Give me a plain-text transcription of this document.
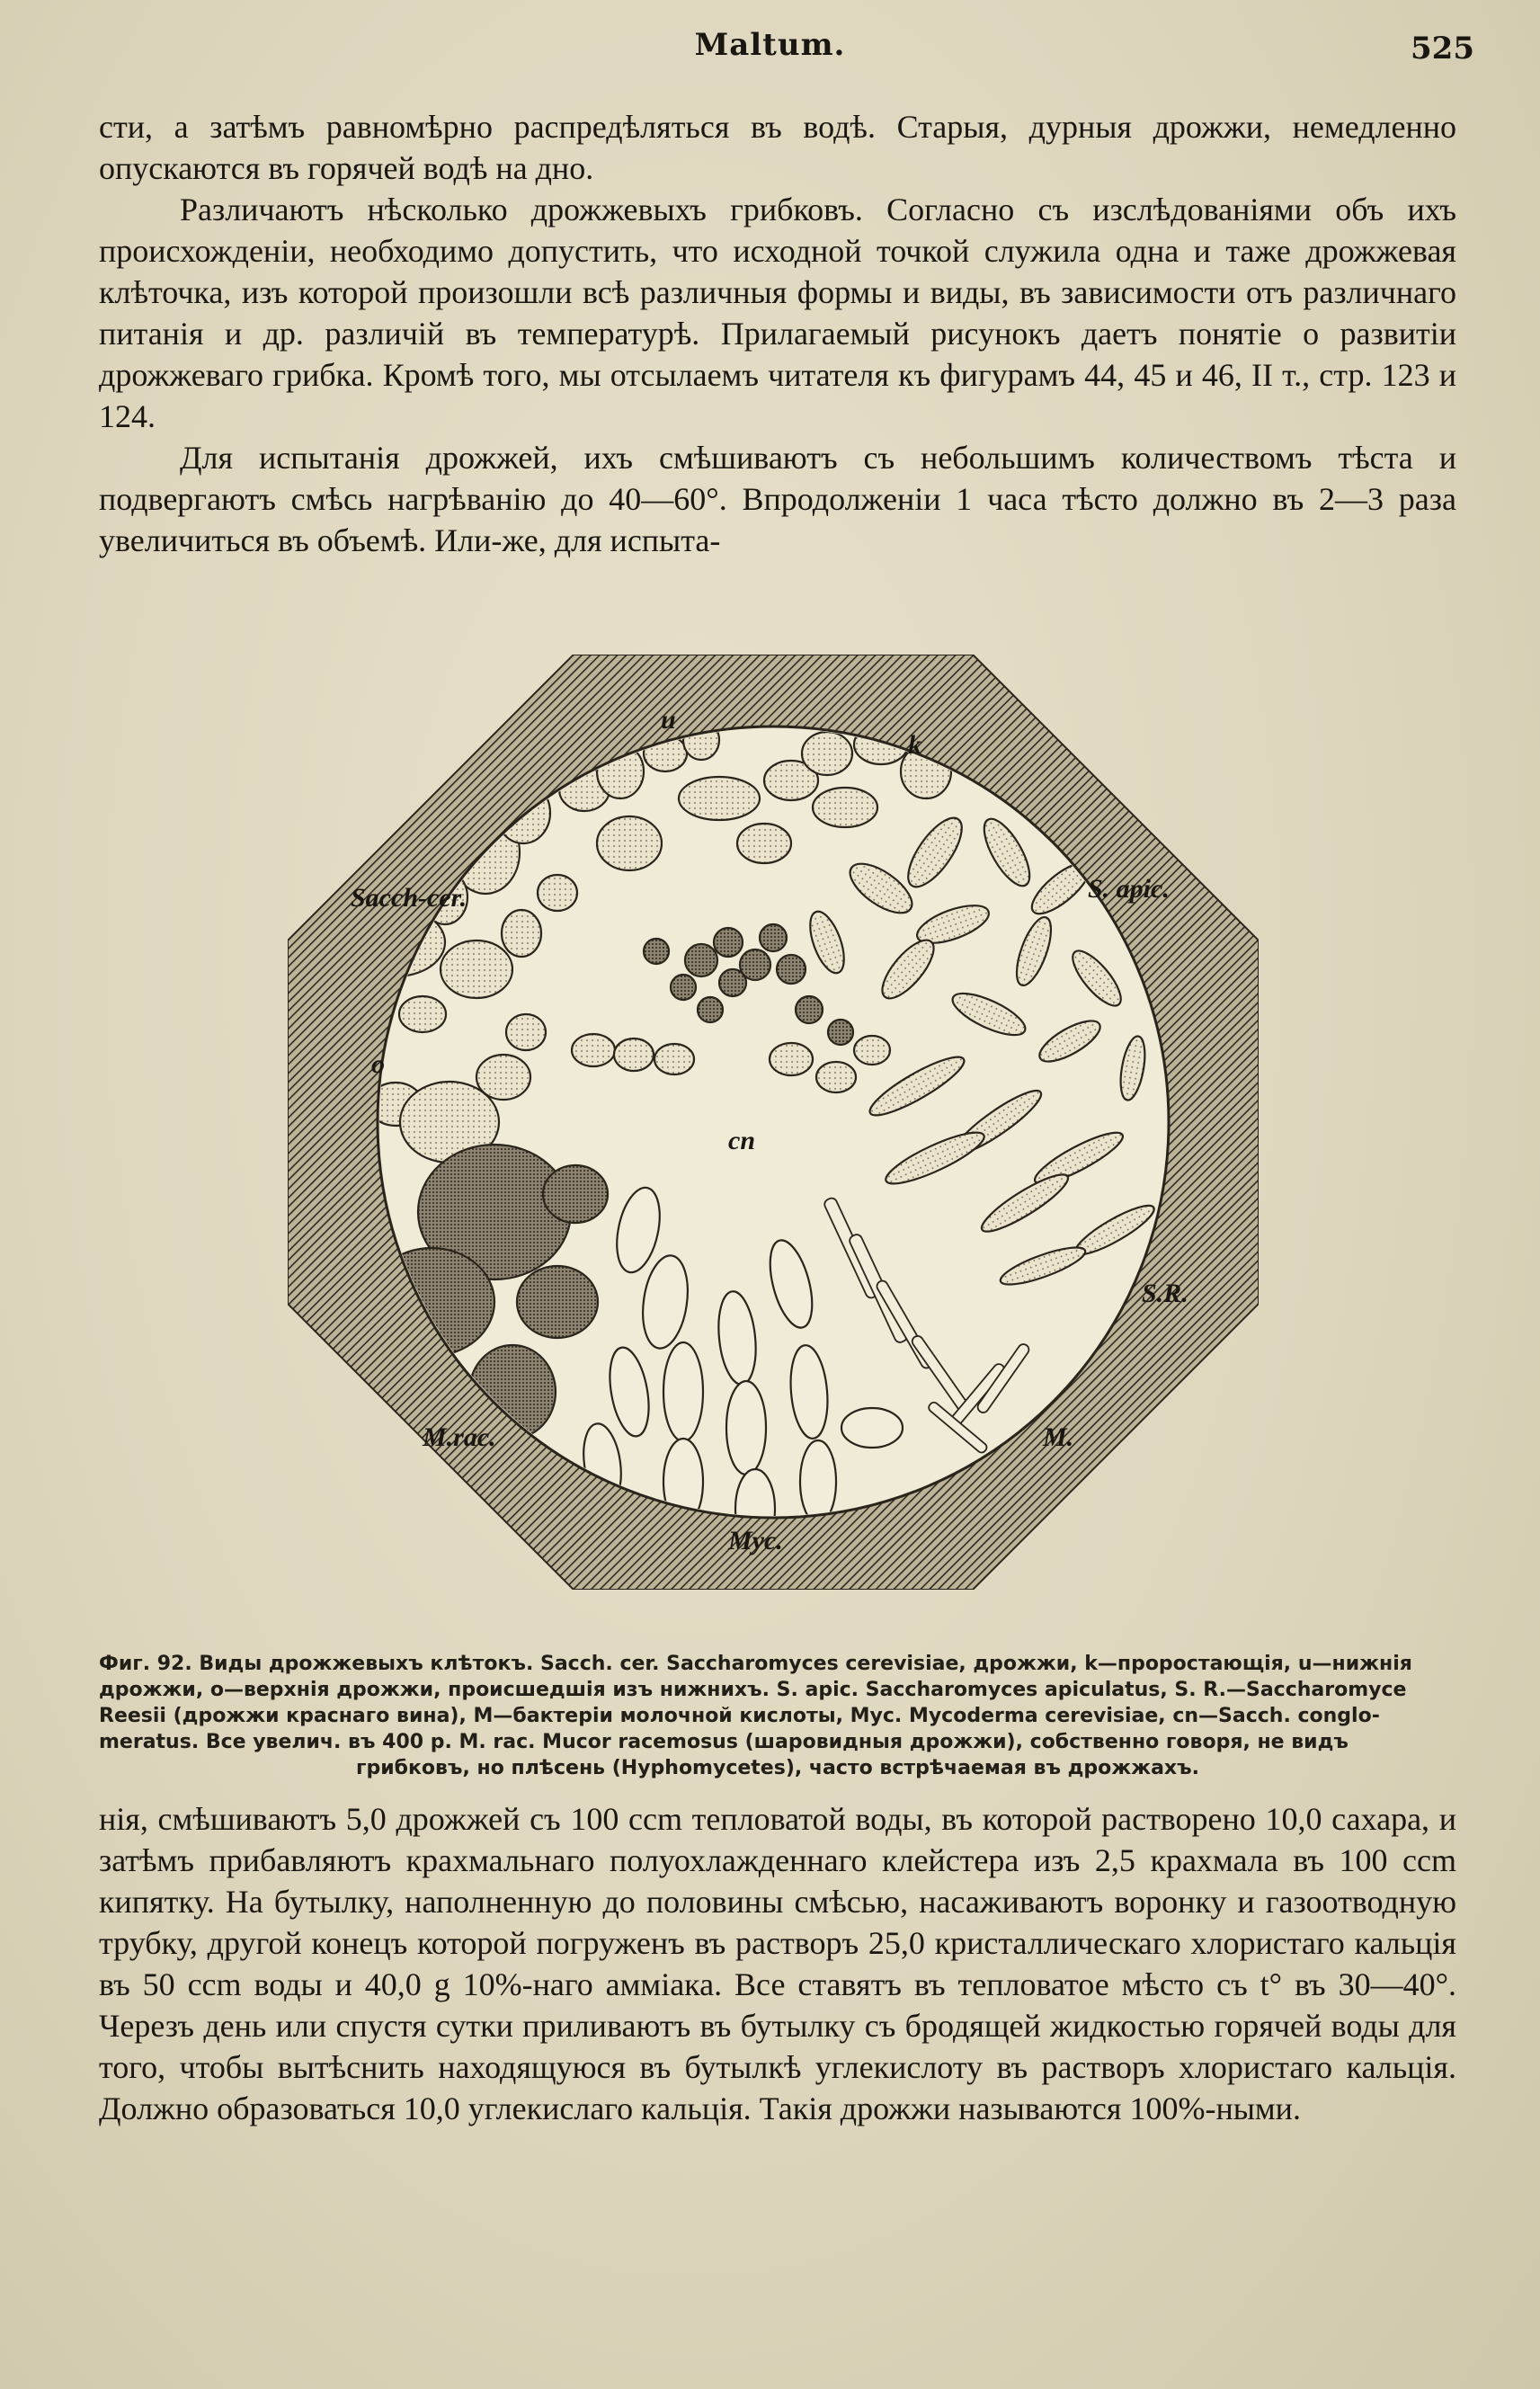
Maltum.	525

сти, а затѣмъ равномѣрно распредѣляться въ водѣ. Старыя, дурныя дрожжи, немедленно опускаются въ горячей водѣ на дно.

Различаютъ нѣсколько дрожжевыхъ грибковъ. Согласно съ изслѣдованіями объ ихъ происхожденіи, необходимо допустить, что исходной точкой служила одна и таже дрожжевая клѣточка, изъ которой произошли всѣ различныя формы и виды, въ зависимости отъ различнаго питанія и др. различій въ температурѣ. Прилагаемый рисунокъ даетъ понятіе о развитіи дрожжеваго грибка. Кромѣ того, мы отсылаемъ читателя къ фигурамъ 44, 45 и 46, II т., стр. 123 и 124.

Для испытанія дрожжей, ихъ смѣшиваютъ съ небольшимъ количествомъ тѣста и подвергаютъ смѣсь нагрѣванію до 40—60°. Впродолженіи 1 часа тѣсто должно въ 2—3 раза увеличиться въ объемѣ. Или-же, для испыта-

Sacch-cer.
u
k
S. apic.
o
cn
S.R.
M.rac.	M.
Myc.
Фиг. 92. Виды дрожжевыхъ клѣтокъ. Sacch. cer. Saccharomyces cerevisiae, дрожжи, k—проростающія, u—нижнія
дрожжи, o—верхнія дрожжи, происшедшія изъ нижнихъ. S. apic. Saccharomyces apiculatus, S. R.—Saccharomyce
Reesii (дрожжи краснаго вина), M—бактеріи молочной кислоты, Myc. Mycoderma cerevisiae, cn—Sacch. conglo-
meratus. Все увелич. въ 400 р. M. rac. Mucor racemosus (шаровидныя дрожжи), собственно говоря, не видъ
грибковъ, но плѣсень (Hyphomycetes), часто встрѣчаемая въ дрожжахъ.

нія, смѣшиваютъ 5,0 дрожжей съ 100 ccm тепловатой воды, въ которой растворено 10,0 сахара, и затѣмъ прибавляютъ крахмальнаго полуохлажденнаго клейстера изъ 2,5 крахмала въ 100 ccm кипятку. На бутылку, наполненную до половины смѣсью, насаживаютъ воронку и газоотводную трубку, другой конецъ которой погруженъ въ растворъ 25,0 кристаллическаго хлористаго кальція въ 50 ccm воды и 40,0 g 10%-наго амміака. Все ставятъ въ тепловатое мѣсто съ t° въ 30—40°. Черезъ день или спустя сутки приливаютъ въ бутылку съ бродящей жидкостью горячей воды для того, чтобы вытѣснить находящуюся въ бутылкѣ углекислоту въ растворъ хлористаго кальція. Должно образоваться 10,0 углекислаго кальція. Такія дрожжи называются 100%-ными.
